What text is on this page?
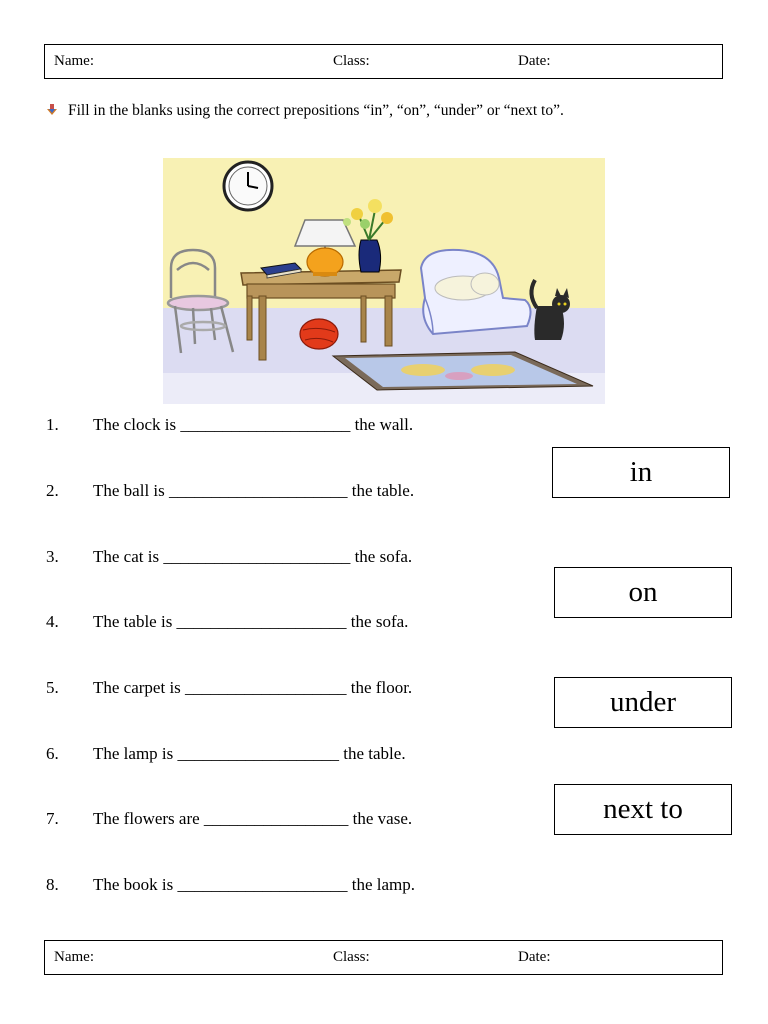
Name:	Class:	Date:
Fill in the blanks using the correct prepositions “in”, “on”, “under” or “next to”.
1. The clock is ____________________ the wall.
2. The ball is _____________________ the table.
3. The cat is ______________________ the sofa.
4. The table is ____________________ the sofa.
5. The carpet is ___________________ the floor.
6. The lamp is ___________________ the table.
7. The flowers are _________________ the vase.
8. The book is ____________________ the lamp.
in
on
under
next to
Name:	Class:	Date:
